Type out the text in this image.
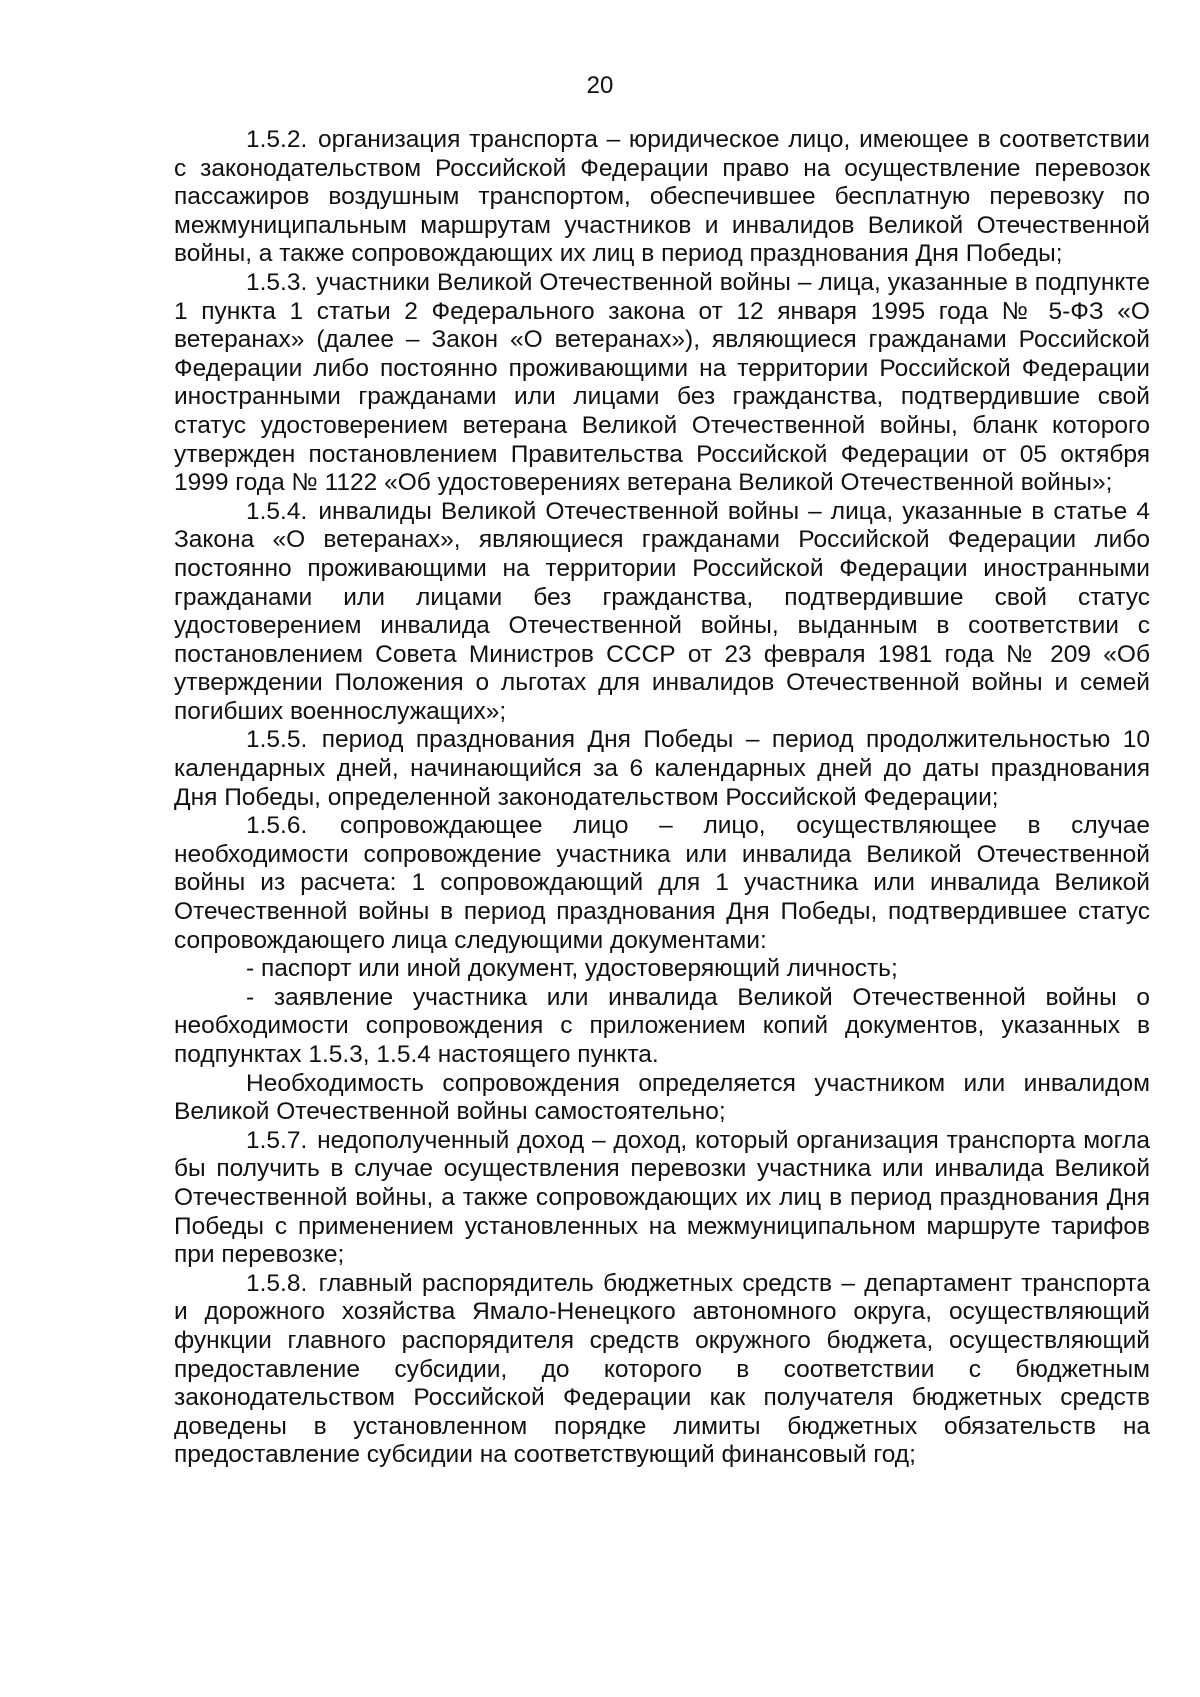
20

1.5.2. организация транспорта – юридическое лицо, имеющее в соответствии с законодательством Российской Федерации право на осуществление перевозок пассажиров воздушным транспортом, обеспечившее бесплатную перевозку по межмуниципальным маршрутам участников и инвалидов Великой Отечественной войны, а также сопровождающих их лиц в период празднования Дня Победы;

1.5.3. участники Великой Отечественной войны – лица, указанные в подпункте 1 пункта 1 статьи 2 Федерального закона от 12 января 1995 года № 5-ФЗ «О ветеранах» (далее – Закон «О ветеранах»), являющиеся гражданами Российской Федерации либо постоянно проживающими на территории Российской Федерации иностранными гражданами или лицами без гражданства, подтвердившие свой статус удостоверением ветерана Великой Отечественной войны, бланк которого утвержден постановлением Правительства Российской Федерации от 05 октября 1999 года № 1122 «Об удостоверениях ветерана Великой Отечественной войны»;

1.5.4. инвалиды Великой Отечественной войны – лица, указанные в статье 4 Закона «О ветеранах», являющиеся гражданами Российской Федерации либо постоянно проживающими на территории Российской Федерации иностранными гражданами или лицами без гражданства, подтвердившие свой статус удостоверением инвалида Отечественной войны, выданным в соответствии с постановлением Совета Министров СССР от 23 февраля 1981 года № 209 «Об утверждении Положения о льготах для инвалидов Отечественной войны и семей погибших военнослужащих»;

1.5.5. период празднования Дня Победы – период продолжительностью 10 календарных дней, начинающийся за 6 календарных дней до даты празднования Дня Победы, определенной законодательством Российской Федерации;

1.5.6. сопровождающее лицо – лицо, осуществляющее в случае необходимости сопровождение участника или инвалида Великой Отечественной войны из расчета: 1 сопровождающий для 1 участника или инвалида Великой Отечественной войны в период празднования Дня Победы, подтвердившее статус сопровождающего лица следующими документами:

- паспорт или иной документ, удостоверяющий личность;

- заявление участника или инвалида Великой Отечественной войны о необходимости сопровождения с приложением копий документов, указанных в подпунктах 1.5.3, 1.5.4 настоящего пункта.

Необходимость сопровождения определяется участником или инвалидом Великой Отечественной войны самостоятельно;

1.5.7. недополученный доход – доход, который организация транспорта могла бы получить в случае осуществления перевозки участника или инвалида Великой Отечественной войны, а также сопровождающих их лиц в период празднования Дня Победы с применением установленных на межмуниципальном маршруте тарифов при перевозке;

1.5.8. главный распорядитель бюджетных средств – департамент транспорта и дорожного хозяйства Ямало-Ненецкого автономного округа, осуществляющий функции главного распорядителя средств окружного бюджета, осуществляющий предоставление субсидии, до которого в соответствии с бюджетным законодательством Российской Федерации как получателя бюджетных средств доведены в установленном порядке лимиты бюджетных обязательств на предоставление субсидии на соответствующий финансовый год;
